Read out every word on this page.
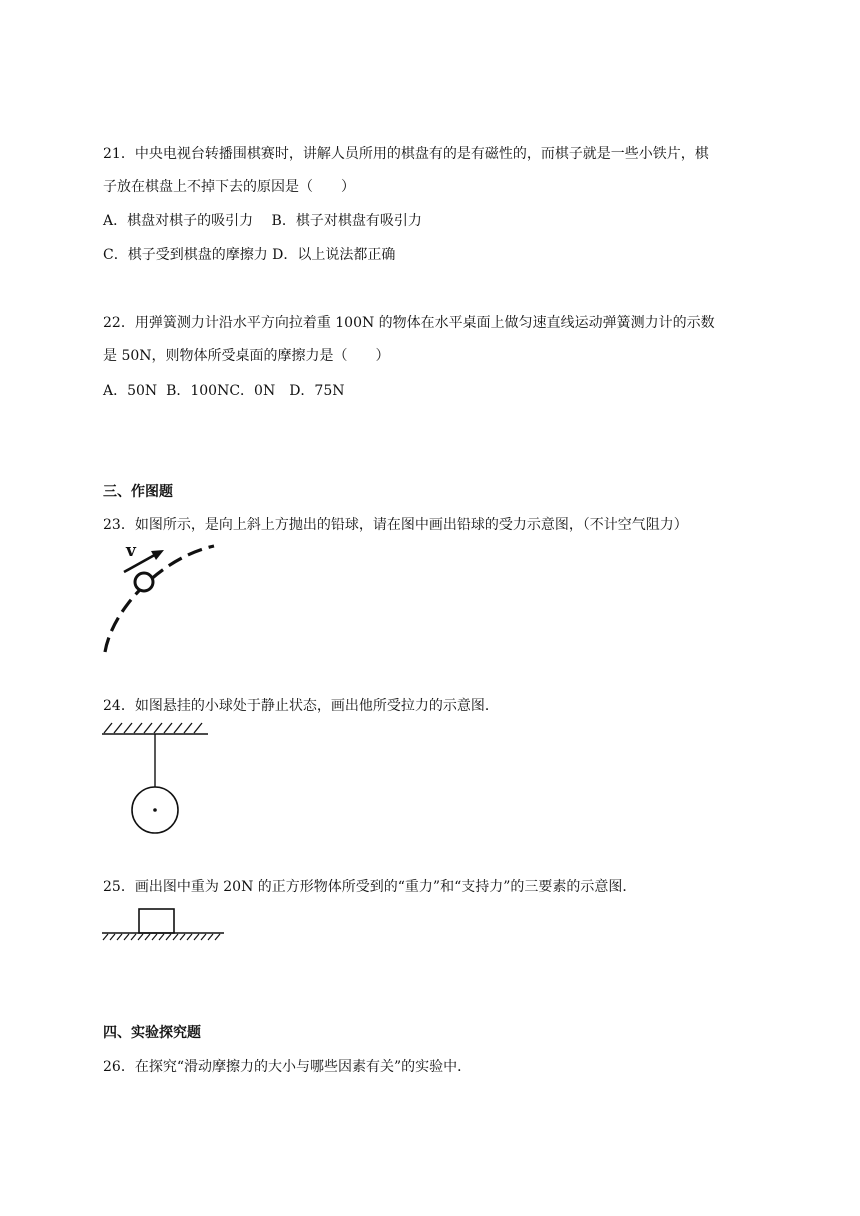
21．中央电视台转播围棋赛时，讲解人员所用的棋盘有的是有磁性的，而棋子就是一些小铁片，棋
子放在棋盘上不掉下去的原因是（　　）
A．棋盘对棋子的吸引力　 B．棋子对棋盘有吸引力
C．棋子受到棋盘的摩擦力 D．以上说法都正确
22．用弹簧测力计沿水平方向拉着重 100N 的物体在水平桌面上做匀速直线运动弹簧测力计的示数
是 50N，则物体所受桌面的摩擦力是（　　）
A．50N  B．100NC．0N　D．75N
三、作图题
23．如图所示，是向上斜上方抛出的铅球，请在图中画出铅球的受力示意图，（不计空气阻力）
v
24．如图悬挂的小球处于静止状态，画出他所受拉力的示意图．
25．画出图中重为 20N 的正方形物体所受到的“重力”和“支持力”的三要素的示意图．
四、实验探究题
26．在探究“滑动摩擦力的大小与哪些因素有关”的实验中．
